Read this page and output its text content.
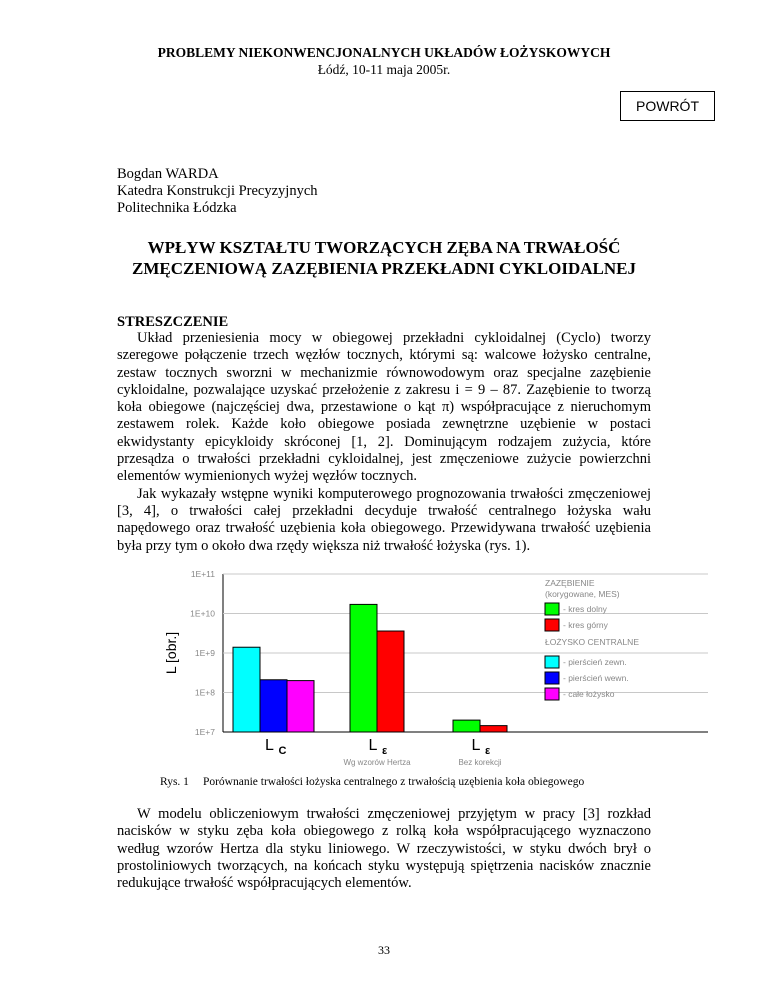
PROBLEMY NIEKONWENCJONALNYCH UKŁADÓW ŁOŻYSKOWYCH
Łódź, 10-11 maja 2005r.
POWRÓT
Bogdan WARDA
Katedra Konstrukcji Precyzyjnych
Politechnika Łódzka
WPŁYW KSZTAŁTU TWORZĄCYCH ZĘBA NA TRWAŁOŚĆ
ZMĘCZENIOWĄ ZAZĘBIENIA PRZEKŁADNI CYKLOIDALNEJ
STRESZCZENIE

Układ przeniesienia mocy w obiegowej przekładni cykloidalnej (Cyclo) tworzy szeregowe połączenie trzech węzłów tocznych, którymi są: walcowe łożysko centralne, zestaw tocznych sworzni w mechanizmie równowodowym oraz specjalne zazębienie cykloidalne, pozwalające uzyskać przełożenie z zakresu i = 9 – 87. Zazębienie to tworzą koła obiegowe (najczęściej dwa, przestawione o kąt π) współpracujące z nieruchomym zestawem rolek. Każde koło obiegowe posiada zewnętrzne uzębienie w postaci ekwidystanty epicykloidy skróconej [1, 2]. Dominującym rodzajem zużycia, które przesądza o trwałości przekładni cykloidalnej, jest zmęczeniowe zużycie powierzchni elementów wymienionych wyżej węzłów tocznych.

Jak wykazały wstępne wyniki komputerowego prognozowania trwałości zmęczeniowej [3, 4], o trwałości całej przekładni decyduje trwałość centralnego łożyska wału napędowego oraz trwałość uzębienia koła obiegowego. Przewidywana trwałość uzębienia była przy tym o około dwa rzędy większa niż trwałość łożyska (rys. 1).

1E+7
1E+8
1E+9
1E+10
1E+11
L [obr.]
L C	L ε
Wg wzorów Hertza
L ε
Bez korekcji
ZAZĘBIENIE
(korygowane, MES)
- kres dolny
- kres górny
ŁOŻYSKO CENTRALNE
- pierścień zewn.
- pierścień wewn.
- całe łożysko
Rys. 1 Porównanie trwałości łożyska centralnego z trwałością uzębienia koła obiegowego

W modelu obliczeniowym trwałości zmęczeniowej przyjętym w pracy [3] rozkład nacisków w styku zęba koła obiegowego z rolką koła współpracującego wyznaczono według wzorów Hertza dla styku liniowego. W rzeczywistości, w styku dwóch brył o prostoliniowych tworzących, na końcach styku występują spiętrzenia nacisków znacznie redukujące trwałość współpracujących elementów.

33
